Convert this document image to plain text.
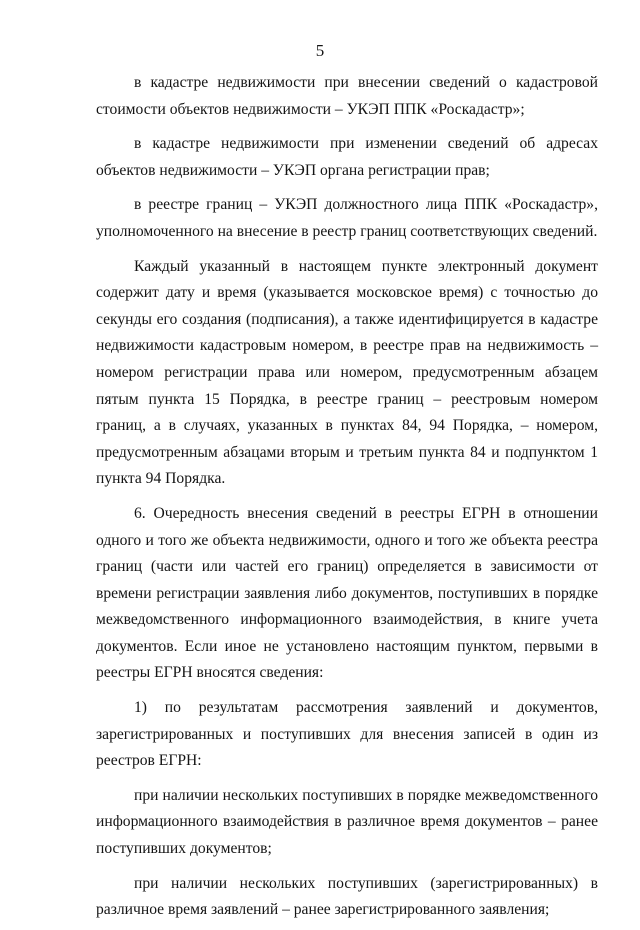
5

в кадастре недвижимости при внесении сведений о кадастровой стоимости объектов недвижимости – УКЭП ППК «Роскадастр»;

в кадастре недвижимости при изменении сведений об адресах объектов недвижимости – УКЭП органа регистрации прав;

в реестре границ – УКЭП должностного лица ППК «Роскадастр», уполномоченного на внесение в реестр границ соответствующих сведений.

Каждый указанный в настоящем пункте электронный документ содержит дату и время (указывается московское время) с точностью до секунды его создания (подписания), а также идентифицируется в кадастре недвижимости кадастровым номером, в реестре прав на недвижимость – номером регистрации права или номером, предусмотренным абзацем пятым пункта 15 Порядка, в реестре границ – реестровым номером границ, а в случаях, указанных в пунктах 84, 94 Порядка, – номером, предусмотренным абзацами вторым и третьим пункта 84 и подпунктом 1 пункта 94 Порядка.

6. Очередность внесения сведений в реестры ЕГРН в отношении одного и того же объекта недвижимости, одного и того же объекта реестра границ (части или частей его границ) определяется в зависимости от времени регистрации заявления либо документов, поступивших в порядке межведомственного информационного взаимодействия, в книге учета документов. Если иное не установлено настоящим пунктом, первыми в реестры ЕГРН вносятся сведения:

1) по результатам рассмотрения заявлений и документов, зарегистрированных и поступивших для внесения записей в один из реестров ЕГРН:

при наличии нескольких поступивших в порядке межведомственного информационного взаимодействия в различное время документов – ранее поступивших документов;

при наличии нескольких поступивших (зарегистрированных) в различное время заявлений – ранее зарегистрированного заявления;
